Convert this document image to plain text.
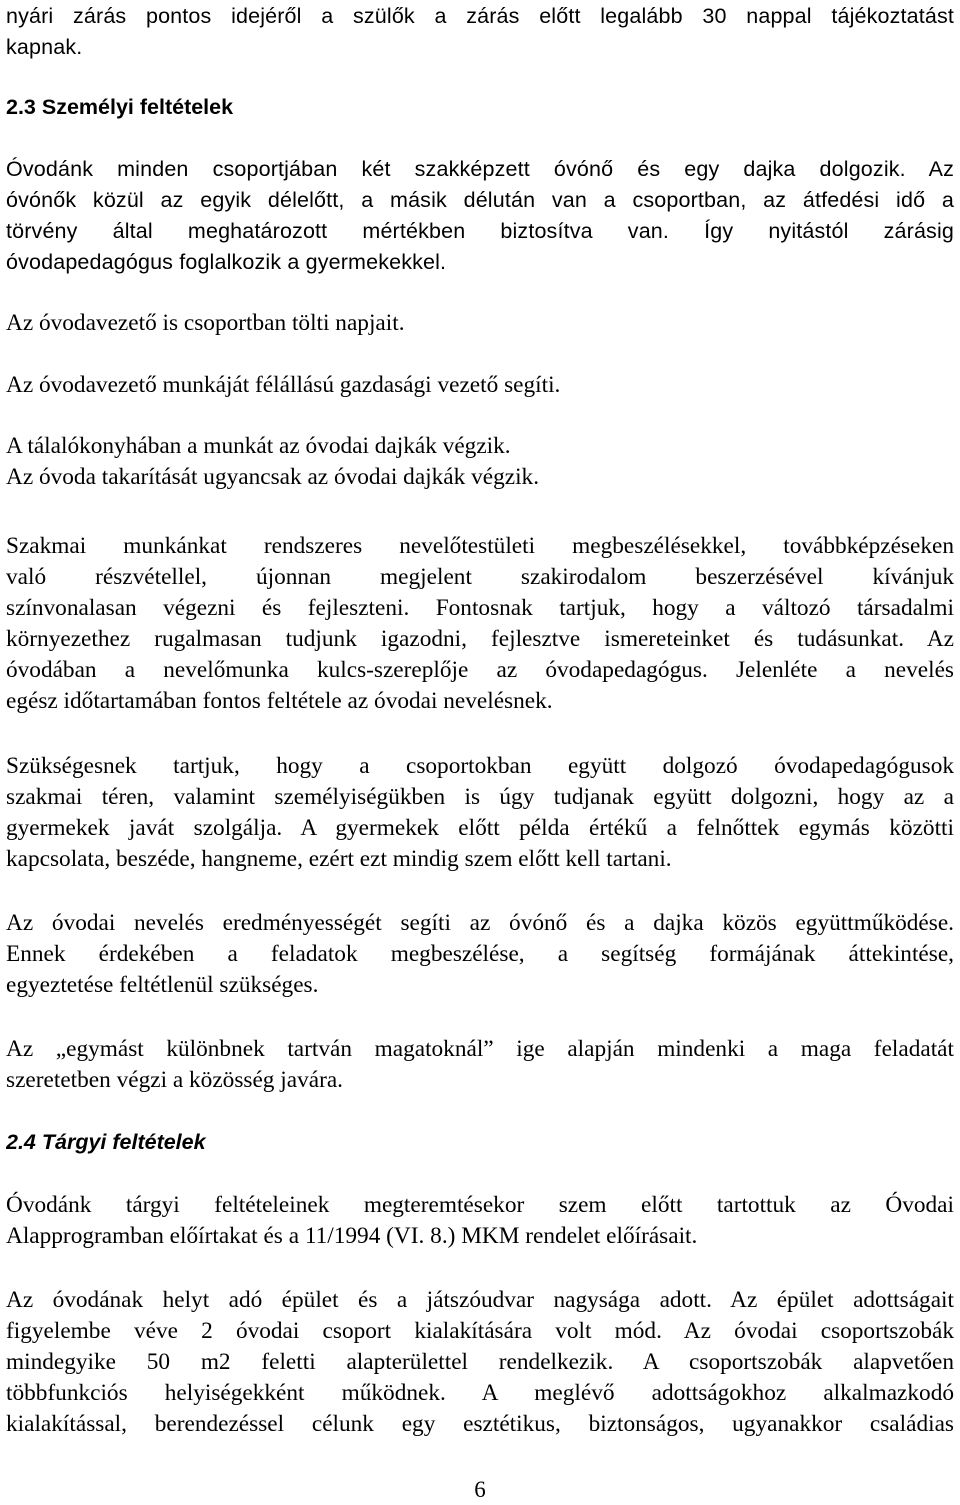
nyári zárás pontos idejéről a szülők a zárás előtt legalább 30 nappal tájékoztatást
kapnak.
2.3 Személyi feltételek
Óvodánk minden csoportjában két szakképzett óvónő és egy dajka dolgozik. Az
óvónők közül az egyik délelőtt, a másik délután van a csoportban, az átfedési idő a
törvény által meghatározott mértékben biztosítva van. Így nyitástól zárásig
óvodapedagógus foglalkozik a gyermekekkel.
Az óvodavezető is csoportban tölti napjait.
Az óvodavezető munkáját félállású gazdasági vezető segíti.
A tálalókonyhában a munkát az óvodai dajkák végzik.
Az óvoda takarítását ugyancsak az óvodai dajkák végzik.
Szakmai munkánkat rendszeres nevelőtestületi megbeszélésekkel, továbbképzéseken
való részvétellel, újonnan megjelent szakirodalom beszerzésével kívánjuk
színvonalasan végezni és fejleszteni. Fontosnak tartjuk, hogy a változó társadalmi
környezethez rugalmasan tudjunk igazodni, fejlesztve ismereteinket és tudásunkat. Az
óvodában a nevelőmunka kulcs-szereplője az óvodapedagógus. Jelenléte a nevelés
egész időtartamában fontos feltétele az óvodai nevelésnek.
Szükségesnek tartjuk, hogy a csoportokban együtt dolgozó óvodapedagógusok
szakmai téren, valamint személyiségükben is úgy tudjanak együtt dolgozni, hogy az a
gyermekek javát szolgálja. A gyermekek előtt példa értékű a felnőttek egymás közötti
kapcsolata, beszéde, hangneme, ezért ezt mindig szem előtt kell tartani.
Az óvodai nevelés eredményességét segíti az óvónő és a dajka közös együttműködése.
Ennek érdekében a feladatok megbeszélése, a segítség formájának áttekintése,
egyeztetése feltétlenül szükséges.
Az „egymást különbnek tartván magatoknál” ige alapján mindenki a maga feladatát
szeretetben végzi a közösség javára.
2.4 Tárgyi feltételek
Óvodánk tárgyi feltételeinek megteremtésekor szem előtt tartottuk az Óvodai
Alapprogramban előírtakat és a 11/1994 (VI. 8.) MKM rendelet előírásait.
Az óvodának helyt adó épület és a játszóudvar nagysága adott. Az épület adottságait
figyelembe véve 2 óvodai csoport kialakítására volt mód. Az óvodai csoportszobák
mindegyike 50 m2 feletti alapterülettel rendelkezik. A csoportszobák alapvetően
többfunkciós helyiségekként működnek. A meglévő adottságokhoz alkalmazkodó
kialakítással, berendezéssel célunk egy esztétikus, biztonságos, ugyanakkor családias
6
